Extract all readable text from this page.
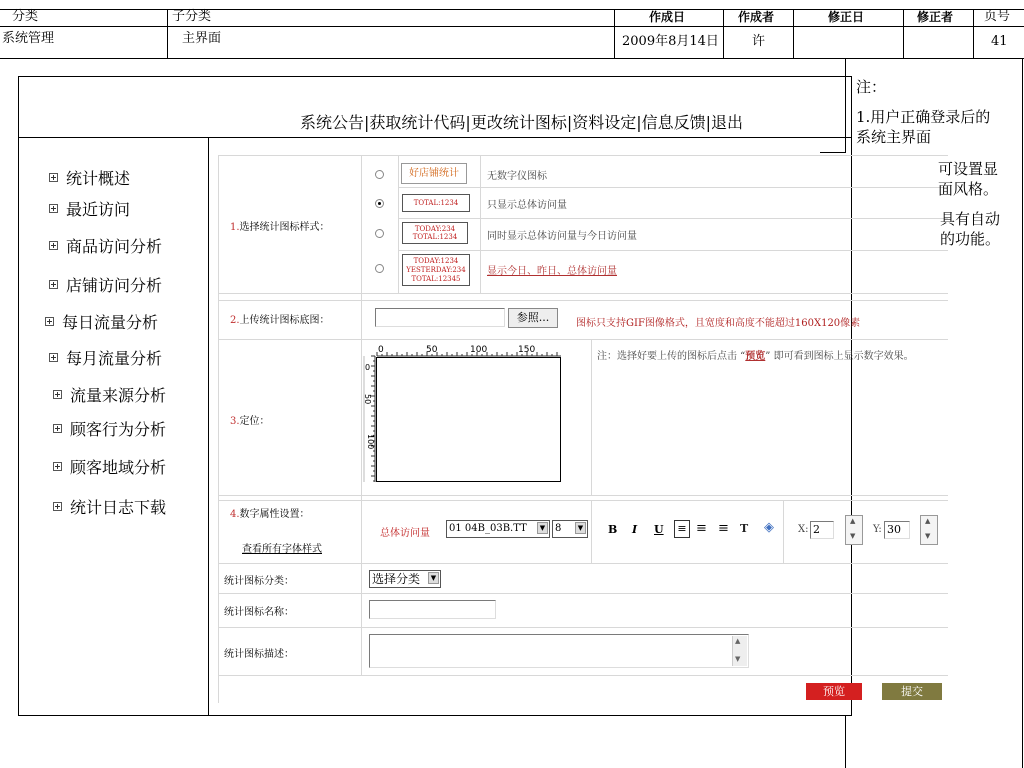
分类
系统管理
子分类
主界面
作成日
2009年8月14日
作成者
许
修正日	修正者 页号
41
系统公告|获取统计代码|更改统计图标|资料设定|信息反馈|退出
统计概述
最近访问
商品访问分析
店铺访问分析
每日流量分析
每月流量分析
流量来源分析
顾客行为分析
顾客地域分析
统计日志下载
1.选择统计图标样式：
好店铺统计	无数字仪图标
TOTAL:1234	只显示总体访问量
TODAY:234 TOTAL:1234	同时显示总体访问量与今日访问量
TODAY:1234 YESTERDAY:234 TOTAL:12345
显示今日、昨日、总体访问量
2.上传统计图标底图：	参照...	图标只支持GIF图像格式，且宽度和高度不能超过160X120像素
3.定位：
0	50	100	150
0
50
100
注：选择好要上传的图标后点击 “预览” 即可看到图标上显示数字效果。
4.数字属性设置：
查看所有字体样式
总体访问量	01 04B_03B.TT	▼ 8	▼ B I U	≡ ≡ ≡ T ◈ X: 2
▲ ▼	Y: 30
▲ ▼
统计图标分类：	选择分类	▼
统计图标名称：
统计图标描述：
▲
▼
预览	提交
注：
1.用户正确登录后的
系统主界面
可设置显
面风格。
具有自动
的功能。
